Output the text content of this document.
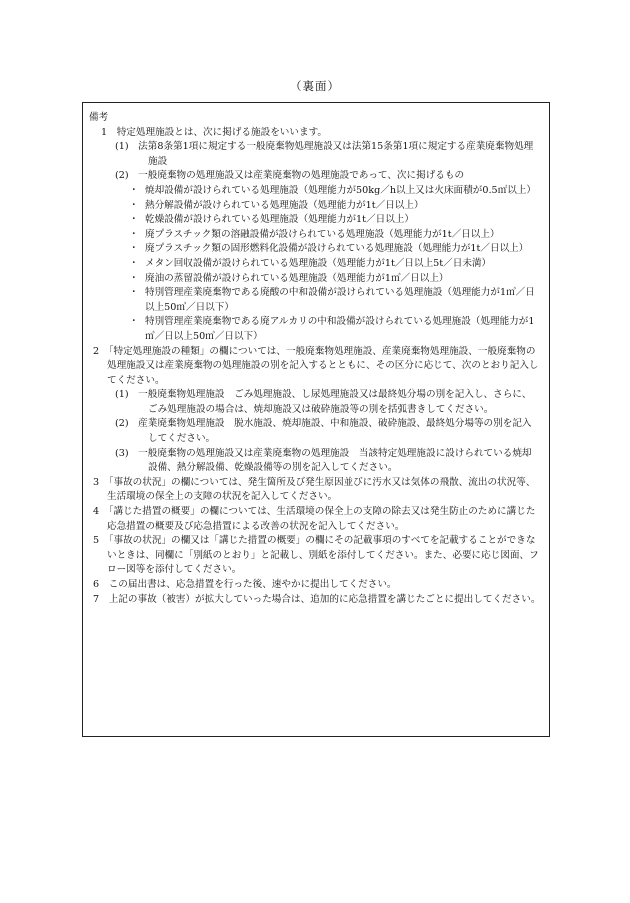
（裏面）
備考
1　特定処理施設とは、次に掲げる施設をいいます。
(1)　法第8条第1項に規定する一般廃棄物処理施設又は法第15条第1項に規定する産業廃棄物処理施設
(2)　一般廃棄物の処理施設又は産業廃棄物の処理施設であって、次に掲げるもの
・ 焼却設備が設けられている処理施設（処理能力が50kg／h以上又は火床面積が0.5㎡以上）
・ 熱分解設備が設けられている処理施設（処理能力が1t／日以上）
・ 乾燥設備が設けられている処理施設（処理能力が1t／日以上）
・ 廃プラスチック類の溶融設備が設けられている処理施設（処理能力が1t／日以上）
・ 廃プラスチック類の固形燃料化設備が設けられている処理施設（処理能力が1t／日以上）
・ メタン回収設備が設けられている処理施設（処理能力が1t／日以上5t／日未満）
・ 廃油の蒸留設備が設けられている処理施設（処理能力が1㎥／日以上）
・ 特別管理産業廃棄物である廃酸の中和設備が設けられている処理施設（処理能力が1㎥／日以上50㎥／日以下）
・ 特別管理産業廃棄物である廃アルカリの中和設備が設けられている処理施設（処理能力が1㎥／日以上50㎥／日以下）
2　「特定処理施設の種類」の欄については、一般廃棄物処理施設、産業廃棄物処理施設、一般廃棄物の処理施設又は産業廃棄物の処理施設の別を記入するとともに、その区分に応じて、次のとおり記入してください。
(1)　一般廃棄物処理施設　ごみ処理施設、し尿処理施設又は最終処分場の別を記入し、さらに、ごみ処理施設の場合は、焼却施設又は破砕施設等の別を括弧書きしてください。
(2)　産業廃棄物処理施設　脱水施設、焼却施設、中和施設、破砕施設、最終処分場等の別を記入してください。
(3)　一般廃棄物の処理施設又は産業廃棄物の処理施設　当該特定処理施設に設けられている焼却設備、熱分解設備、乾燥設備等の別を記入してください。
3　「事故の状況」の欄については、発生箇所及び発生原因並びに汚水又は気体の飛散、流出の状況等、生活環境の保全上の支障の状況を記入してください。
4　「講じた措置の概要」の欄については、生活環境の保全上の支障の除去又は発生防止のために講じた応急措置の概要及び応急措置による改善の状況を記入してください。
5　「事故の状況」の欄又は「講じた措置の概要」の欄にその記載事項のすべてを記載することができないときは、同欄に「別紙のとおり」と記載し、別紙を添付してください。また、必要に応じ図面、フロー図等を添付してください。
6　この届出書は、応急措置を行った後、速やかに提出してください。
7　上記の事故（被害）が拡大していった場合は、追加的に応急措置を講じたごとに提出してください。
